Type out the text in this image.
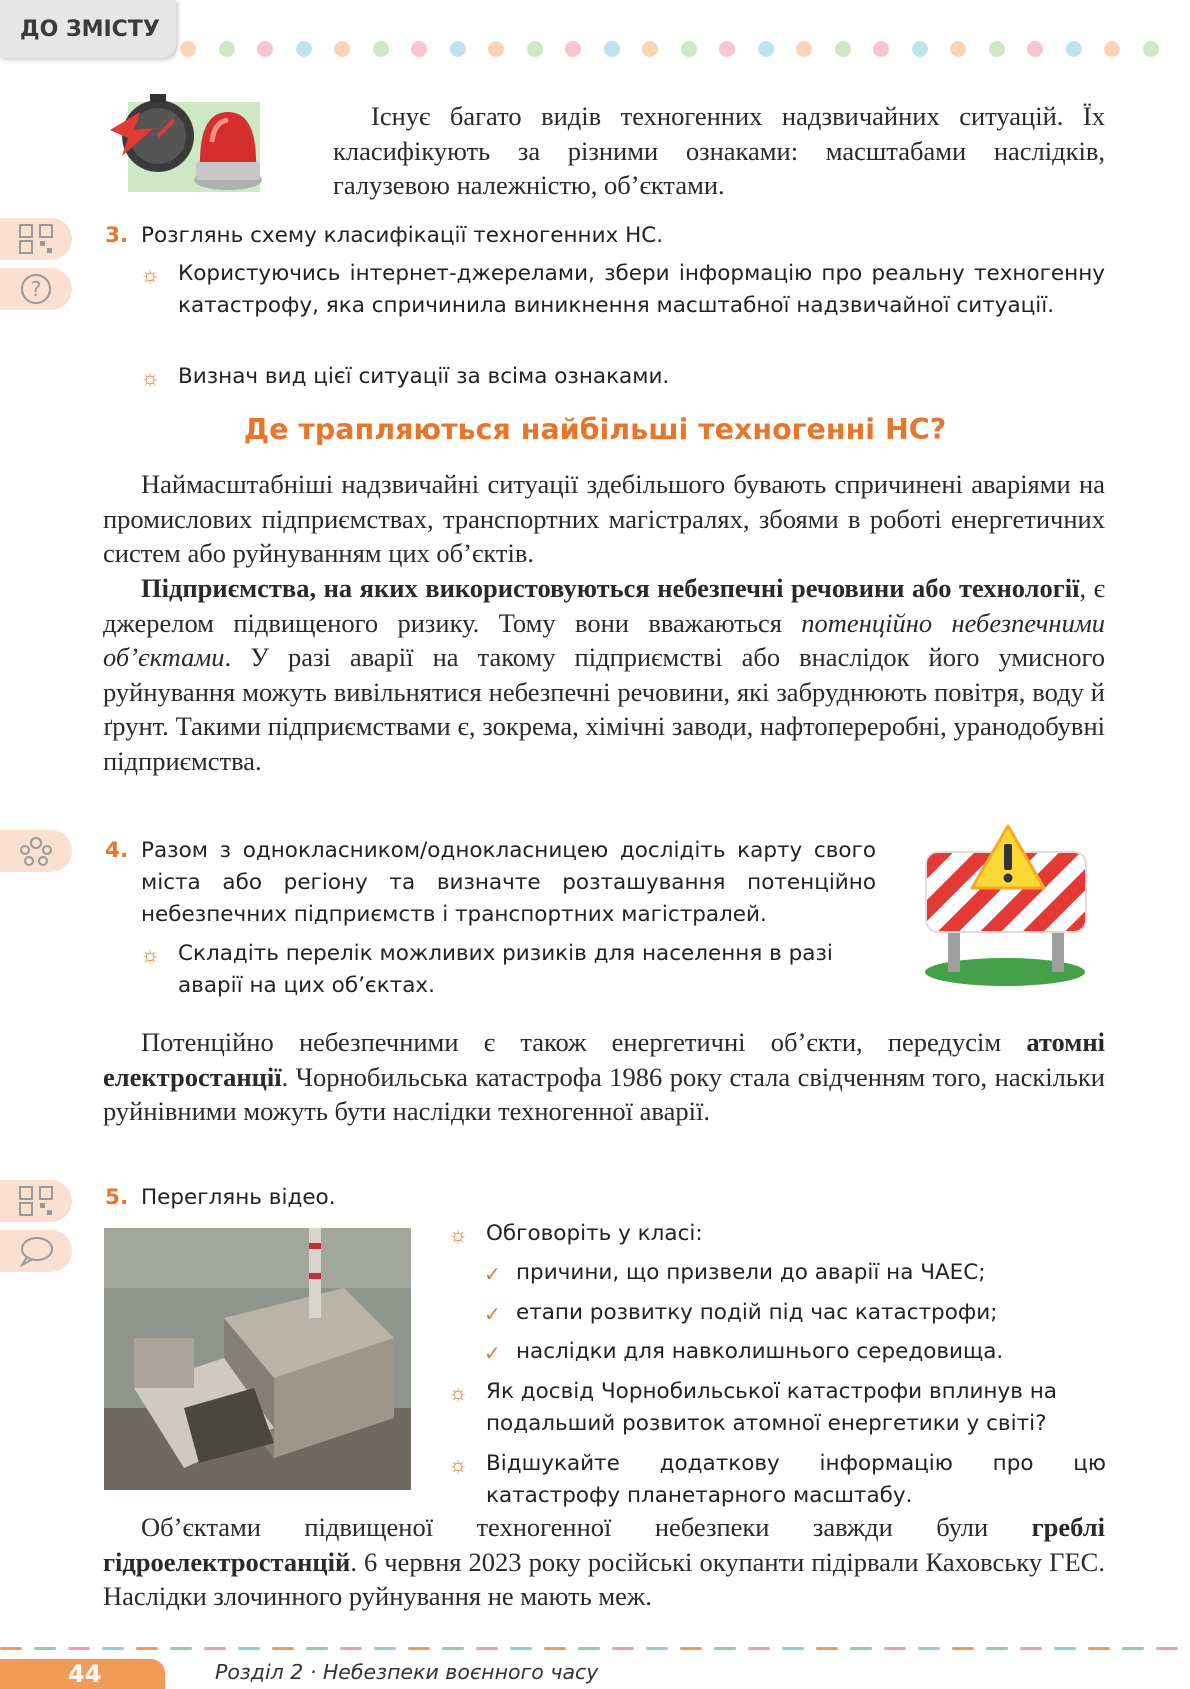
ДО ЗМІСТУ

Існує багато видів техногенних надзвичайних ситуацій. Їх класифікують за різними ознаками: масштабами наслідків, галузевою належністю, об’єктами.

?
3. Розглянь схему класифікації техногенних НС.
☼ Користуючись інтернет-джерелами, збери інформацію про реальну техногенну катастрофу, яка спричинила виникнення масштабної надзвичайної ситуації.
☼ Визнач вид цієї ситуації за всіма ознаками.
Де трапляються найбільші техногенні НС?

Наймасштабніші надзвичайні ситуації здебільшого бувають спричинені аваріями на промислових підприємствах, транспортних магістралях, збоями в роботі енергетичних систем або руйнуванням цих об’єктів.

Підприємства, на яких використовуються небезпечні речовини або технології, є джерелом підвищеного ризику. Тому вони вважаються потенційно небезпечними об’єктами. У разі аварії на такому підприємстві або внаслідок його умисного руйнування можуть вивільнятися небезпечні речовини, які забруднюють повітря, воду й ґрунт. Такими підприємствами є, зокрема, хімічні заводи, нафтопереробні, уранодобувні підприємства.

4. Разом з однокласником/однокласницею дослідіть карту свого міста або регіону та визначте розташування потенційно небезпечних підприємств і транспортних магістралей.
☼ Складіть перелік можливих ризиків для населення в разі аварії на цих об’єктах.

Потенційно небезпечними є також енергетичні об’єкти, передусім атомні електростанції. Чорнобильська катастрофа 1986 року стала свідченням того, наскільки руйнівними можуть бути наслідки техногенної аварії.

5. Переглянь відео.
☼ Обговоріть у класі:
✓ причини, що призвели до аварії на ЧАЕС;
✓ етапи розвитку подій під час катастрофи;
✓ наслідки для навколишнього середовища.
☼ Як досвід Чорнобильської катастрофи вплинув на подальший розвиток атомної енергетики у світі?
☼ Відшукайте додаткову інформацію про цю катастрофу планетарного масштабу.

Об’єктами підвищеної техногенної небезпеки завжди були греблі гідроелектростанцій. 6 червня 2023 року російські окупанти підірвали Каховську ГЕС. Наслідки злочинного руйнування не мають меж.

44	Розділ 2 · Небезпеки воєнного часу
